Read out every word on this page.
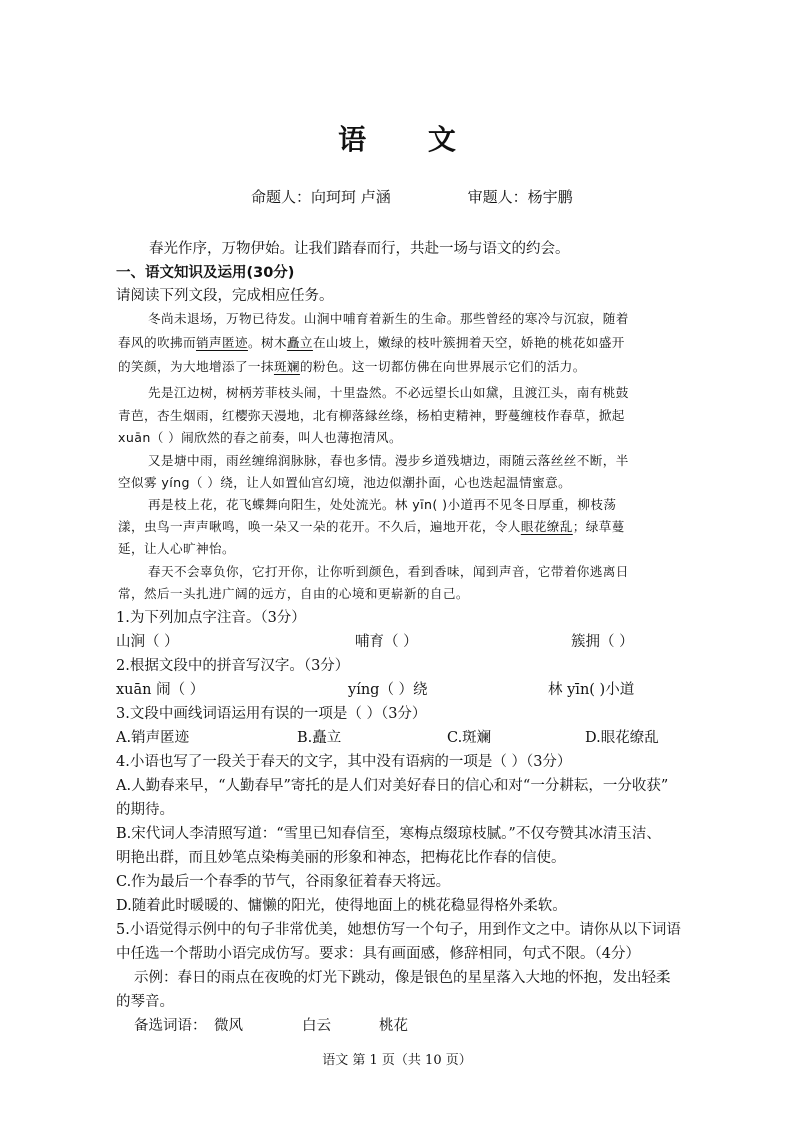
语 文
命题人：向珂珂 卢涵	审题人：杨宇鹏
春光作序，万物伊始。让我们踏春而行，共赴一场与语文的约会。
一、语文知识及运用(30分)
请阅读下列文段，完成相应任务。
冬尚未退场，万物已待发。山涧中哺育着新生的生命。那些曾经的寒冷与沉寂，随着
春风的吹拂而销声匿迹。树木矗立在山坡上，嫩绿的枝叶簇拥着天空，娇艳的桃花如盛开
的笑颜，为大地增添了一抹斑斓的粉色。这一切都仿佛在向世界展示它们的活力。
先是江边树，树柄芳菲枝头闹，十里盎然。不必远望长山如黛，且渡江头，南有桃鼓
青芭，杏生烟雨，红樱弥天漫地，北有柳落縁丝绦，杨柏吏精神，野蔓缠枝作春草，掀起
xuān（ ）闹欣然的春之前奏，叫人也薄抱清风。
又是塘中雨，雨丝缠绵润脉脉，春也多情。漫步乡道残塘边，雨随云落丝丝不断，半
空似雾 yíng（ ）绕，让人如置仙宫幻境，池边似潮扑面，心也迭起温情蜜意。
再是枝上花，花飞蝶舞向阳生，处处流光。林 yīn( )小道再不见冬日厚重，柳枝荡
漾，虫鸟一声声啾鸣，唤一朵又一朵的花开。不久后，遍地开花，令人眼花缭乱；绿草蔓
延，让人心旷神怡。
春天不会辜负你，它打开你，让你听到颜色，看到香味，闻到声音，它带着你逃离日
常，然后一头扎进广阔的远方，自由的心境和更崭新的自己。
1.为下列加点字注音。（3分）
山涧（ ）	哺育（ ）	簇拥（ ）
2.根据文段中的拼音写汉字。（3分）
xuān 闹（ ）	yíng（ ）绕	林 yīn( )小道
3.文段中画线词语运用有误的一项是（ ）（3分）
A.销声匿迹	B.矗立	C.斑斓	D.眼花缭乱
4.小语也写了一段关于春天的文字，其中没有语病的一项是（ ）（3分）
A.人勤春来早，“人勤春早”寄托的是人们对美好春日的信心和对“一分耕耘，一分收获”
的期待。
B.宋代词人李清照写道：“雪里已知春信至，寒梅点缀琼枝腻。”不仅夸赞其冰清玉洁、
明艳出群，而且妙笔点染梅美丽的形象和神态，把梅花比作春的信使。
C.作为最后一个春季的节气，谷雨象征着春天将远。
D.随着此时暖暖的、慵懒的阳光，使得地面上的桃花稳显得格外柔软。
5.小语觉得示例中的句子非常优美，她想仿写一个句子，用到作文之中。请你从以下词语
中任选一个帮助小语完成仿写。要求：具有画面感，修辞相同，句式不限。（4分）
示例：春日的雨点在夜晚的灯光下跳动，像是银色的星星落入大地的怀抱，发出轻柔
的琴音。
备选词语： 微风	白云	桃花
语文 第 1 页（共 10 页）
